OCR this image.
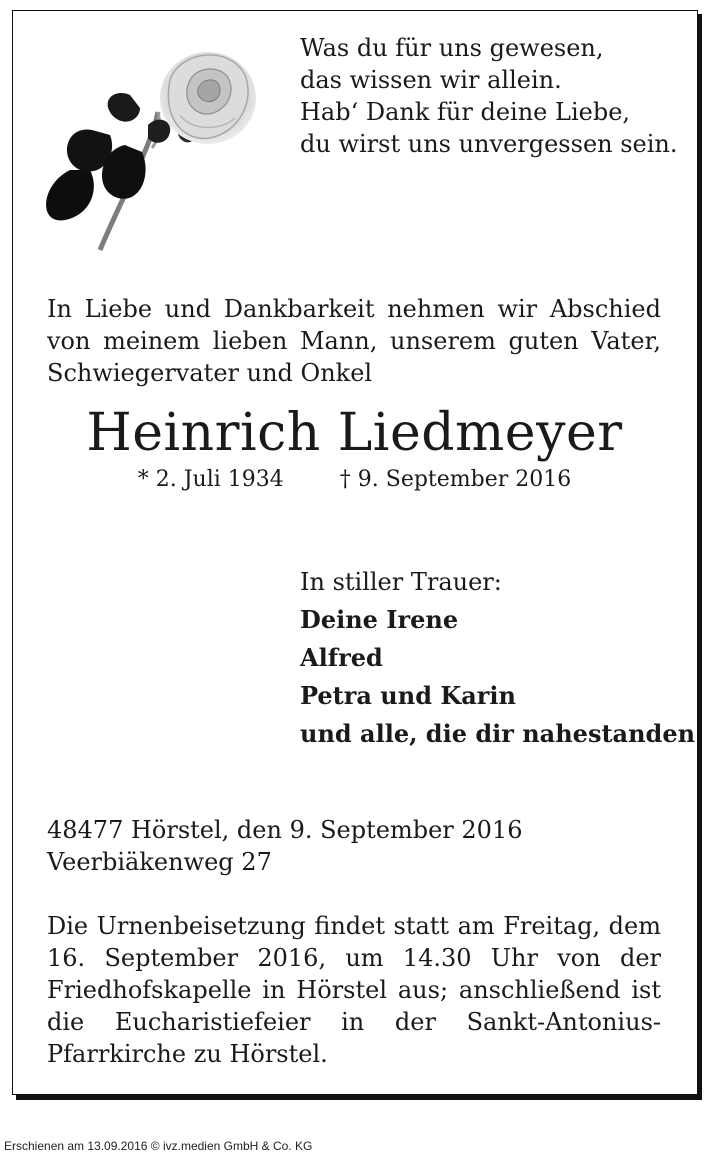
Was du für uns gewesen,
das wissen wir allein.
Hab‘ Dank für deine Liebe,
du wirst uns unvergessen sein.
In Liebe und Dankbarkeit nehmen wir Abschied von meinem lieben Mann, unserem guten Vater, Schwiegervater und Onkel
Heinrich Liedmeyer
* 2. Juli 1934	† 9. September 2016
In stiller Trauer:
Deine Irene
Alfred
Petra und Karin
und alle, die dir nahestanden
48477 Hörstel, den 9. September 2016
Veerbiäkenweg 27
Die Urnenbeisetzung findet statt am Freitag, dem 16. September 2016, um 14.30 Uhr von der Friedhofskapelle in Hörstel aus; anschließend ist die Eucharistiefeier in der Sankt-Antonius-Pfarrkirche zu Hörstel.
Erschienen am 13.09.2016 © ivz.medien GmbH & Co. KG
